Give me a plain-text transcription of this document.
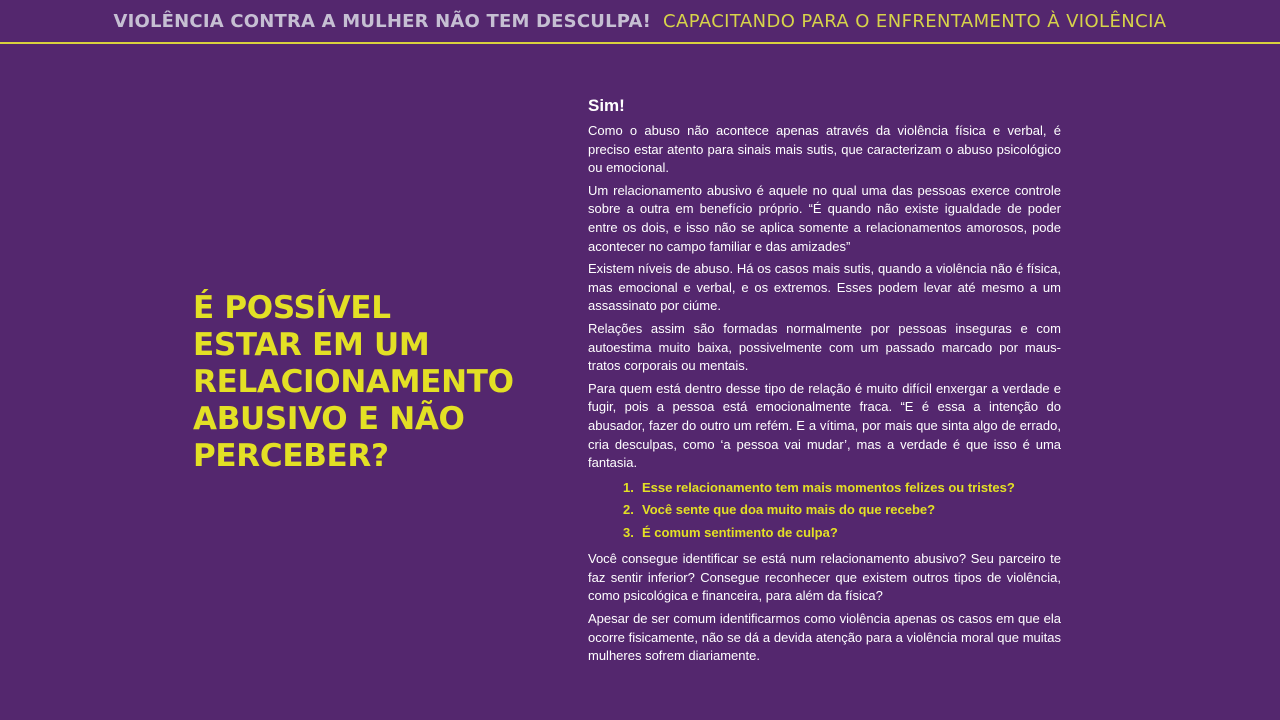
VIOLÊNCIA CONTRA A MULHER NÃO TEM DESCULPA! CAPACITANDO PARA O ENFRENTAMENTO À VIOLÊNCIA
É POSSÍVEL
ESTAR EM UM
RELACIONAMENTO
ABUSIVO E NÃO
PERCEBER?
Sim!

Como o abuso não acontece apenas através da violência física e verbal, é preciso estar atento para sinais mais sutis, que caracterizam o abuso psicológico ou emocional.

Um relacionamento abusivo é aquele no qual uma das pessoas exerce controle sobre a outra em benefício próprio. “É quando não existe igualdade de poder entre os dois, e isso não se aplica somente a relacionamentos amorosos, pode acontecer no campo familiar e das amizades”

Existem níveis de abuso. Há os casos mais sutis, quando a violência não é física, mas emocional e verbal, e os extremos. Esses podem levar até mesmo a um assassinato por ciúme.

Relações assim são formadas normalmente por pessoas inseguras e com autoestima muito baixa, possivelmente com um passado marcado por maus-tratos corporais ou mentais.

Para quem está dentro desse tipo de relação é muito difícil enxergar a verdade e fugir, pois a pessoa está emocionalmente fraca. “E é essa a intenção do abusador, fazer do outro um refém. E a vítima, por mais que sinta algo de errado, cria desculpas, como ‘a pessoa vai mudar’, mas a verdade é que isso é uma fantasia.

1. Esse relacionamento tem mais momentos felizes ou tristes?
2. Você sente que doa muito mais do que recebe?
3. É comum sentimento de culpa?

Você consegue identificar se está num relacionamento abusivo? Seu parceiro te faz sentir inferior? Consegue reconhecer que existem outros tipos de violência, como psicológica e financeira, para além da física?

Apesar de ser comum identificarmos como violência apenas os casos em que ela ocorre fisicamente, não se dá a devida atenção para a violência moral que muitas mulheres sofrem diariamente.
